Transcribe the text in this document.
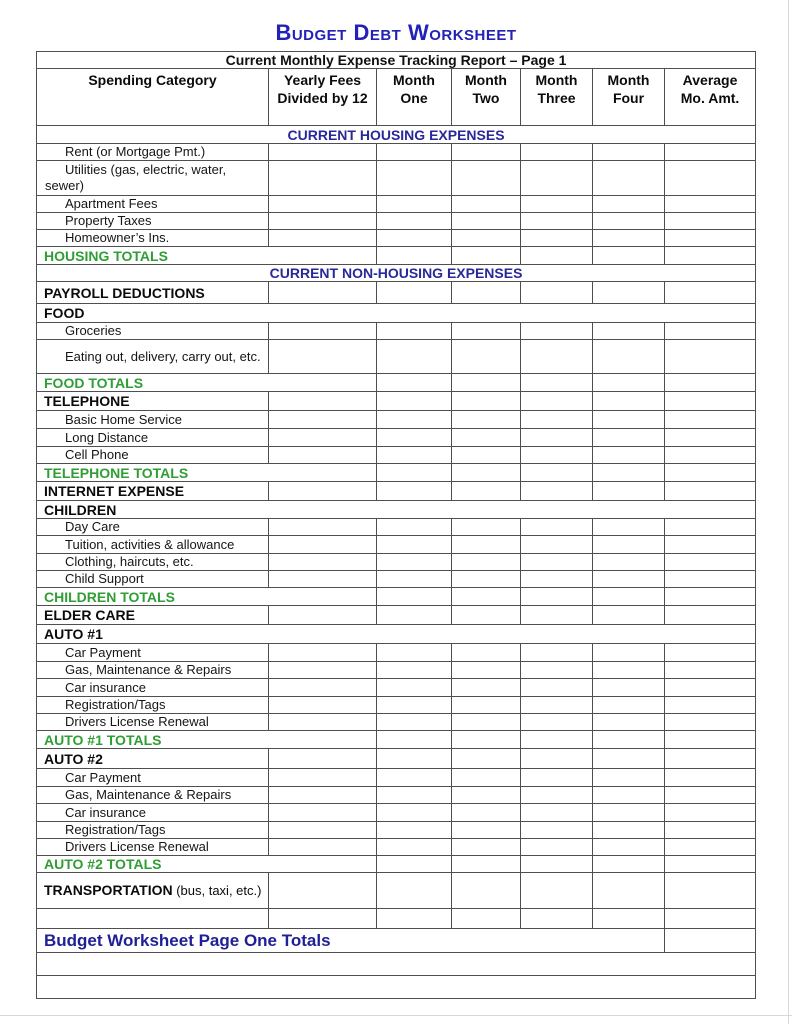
Budget Debt Worksheet
Current Monthly Expense Tracking Report – Page 1						
Spending Category	Yearly Fees Divided by 12	Month One	Month Two	Month Three	Month Four	Average Mo. Amt.
CURRENT HOUSING EXPENSES						
Rent (or Mortgage Pmt.)						
Utilities (gas, electric, water, sewer)						
Apartment Fees						
Property Taxes						
Homeowner’s Ins.						
HOUSING TOTALS						
CURRENT NON-HOUSING EXPENSES						
PAYROLL DEDUCTIONS						
FOOD						
Groceries						
Eating out, delivery, carry out, etc.						
FOOD TOTALS						
TELEPHONE						
Basic Home Service						
Long Distance						
Cell Phone						
TELEPHONE TOTALS						
INTERNET EXPENSE						
CHILDREN						
Day Care						
Tuition, activities & allowance						
Clothing, haircuts, etc.						
Child Support						
CHILDREN TOTALS						
ELDER CARE						
AUTO #1						
Car Payment						
Gas, Maintenance & Repairs						
Car insurance						
Registration/Tags						
Drivers License Renewal						
AUTO #1 TOTALS						
AUTO #2						
Car Payment						
Gas, Maintenance & Repairs						
Car insurance						
Registration/Tags						
Drivers License Renewal						
AUTO #2 TOTALS						
TRANSPORTATION (bus, taxi, etc.)						

Budget Worksheet Page One Totals						
